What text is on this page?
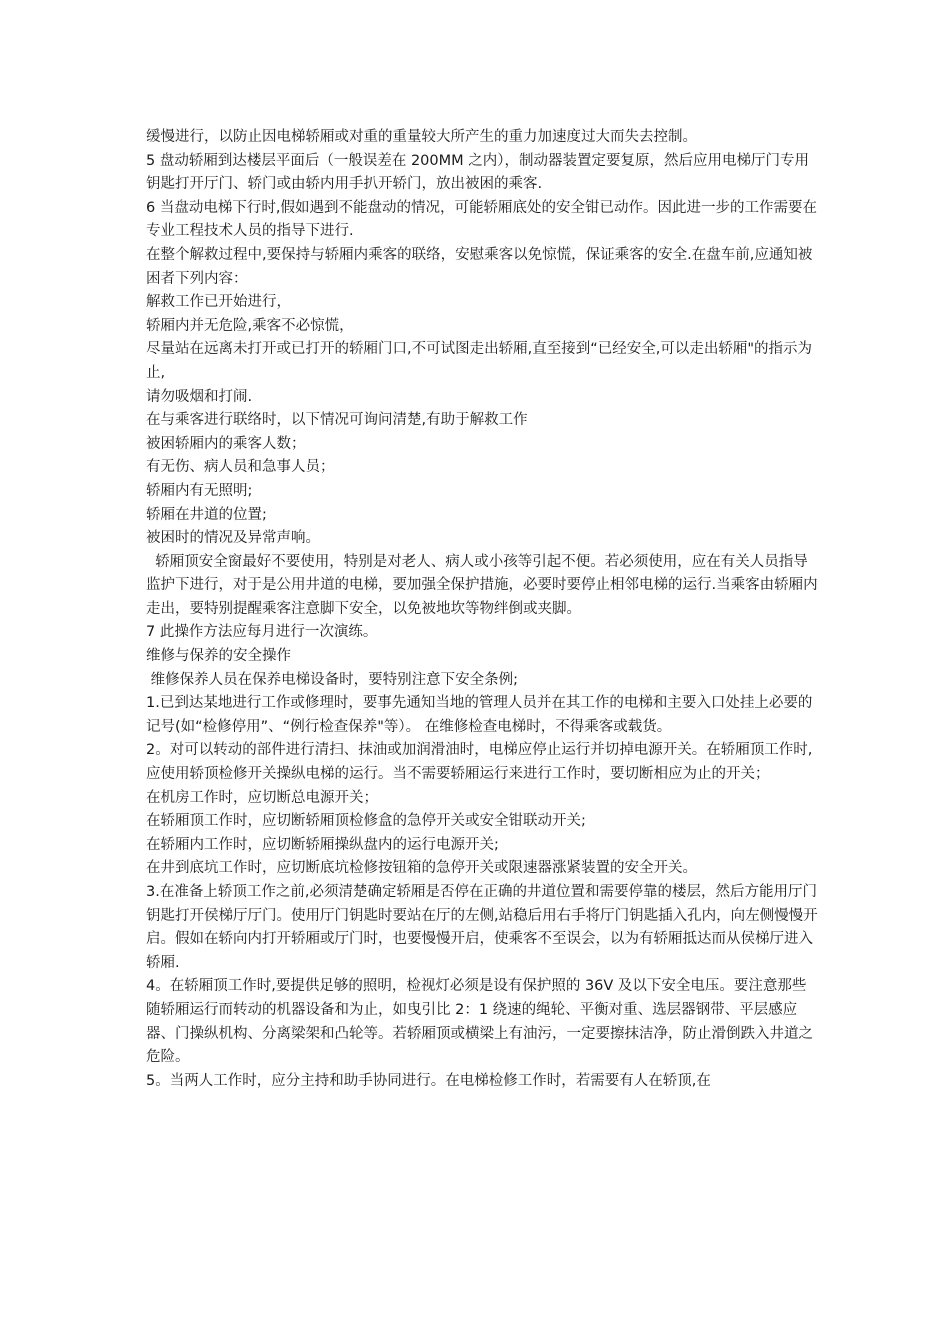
缓慢进行，以防止因电梯轿厢或对重的重量较大所产生的重力加速度过大而失去控制。

5 盘动轿厢到达楼层平面后（一般误差在 200MM 之内），制动器装置定要复原，然后应用电梯厅门专用钥匙打开厅门、轿门或由轿内用手扒开轿门，放出被困的乘客.

6 当盘动电梯下行时,假如遇到不能盘动的情况，可能轿厢底处的安全钳已动作。因此进一步的工作需要在专业工程技术人员的指导下进行.

在整个解救过程中,要保持与轿厢内乘客的联络，安慰乘客以免惊慌，保证乘客的安全.在盘车前,应通知被困者下列内容：

解救工作已开始进行，

轿厢内并无危险,乘客不必惊慌，

尽量站在远离未打开或已打开的轿厢门口,不可试图走出轿厢,直至接到“已经安全,可以走出轿厢"的指示为止,

请勿吸烟和打闹.

在与乘客进行联络时，以下情况可询问清楚,有助于解救工作

被困轿厢内的乘客人数；

有无伤、病人员和急事人员；

轿厢内有无照明;

轿厢在井道的位置;

被困时的情况及异常声响。

轿厢顶安全窗最好不要使用，特别是对老人、病人或小孩等引起不便。若必须使用，应在有关人员指导监护下进行，对于是公用井道的电梯，要加强全保护措施，必要时要停止相邻电梯的运行.当乘客由轿厢内走出，要特别提醒乘客注意脚下安全，以免被地坎等物绊倒或夹脚。

7 此操作方法应每月进行一次演练。

维修与保养的安全操作

维修保养人员在保养电梯设备时，要特别注意下安全条例;

1.已到达某地进行工作或修理时，要事先通知当地的管理人员并在其工作的电梯和主要入口处挂上必要的记号(如“检修停用”、“例行检查保养"等）。 在维修检查电梯时，不得乘客或载货。

2。对可以转动的部件进行清扫、抹油或加润滑油时，电梯应停止运行并切掉电源开关。在轿厢顶工作时,应使用轿顶检修开关操纵电梯的运行。当不需要轿厢运行来进行工作时，要切断相应为止的开关；

在机房工作时，应切断总电源开关；

在轿厢顶工作时，应切断轿厢顶检修盒的急停开关或安全钳联动开关;

在轿厢内工作时，应切断轿厢操纵盘内的运行电源开关;

在井到底坑工作时，应切断底坑检修按钮箱的急停开关或限速器涨紧装置的安全开关。

3.在准备上轿顶工作之前,必须清楚确定轿厢是否停在正确的井道位置和需要停靠的楼层，然后方能用厅门钥匙打开侯梯厅厅门。使用厅门钥匙时要站在厅的左侧,站稳后用右手将厅门钥匙插入孔内，向左侧慢慢开启。假如在轿向内打开轿厢或厅门时，也要慢慢开启，使乘客不至误会，以为有轿厢抵达而从侯梯厅进入轿厢.

4。在轿厢顶工作时,要提供足够的照明，检视灯必须是设有保护照的 36V 及以下安全电压。要注意那些随轿厢运行而转动的机器设备和为止，如曳引比 2：1 绕速的绳轮、平衡对重、选层器钢带、平层感应器、门操纵机构、分离梁架和凸轮等。若轿厢顶或横梁上有油污，一定要擦抹洁净，防止滑倒跌入井道之危险。

5。当两人工作时，应分主持和助手协同进行。在电梯检修工作时，若需要有人在轿顶,在
